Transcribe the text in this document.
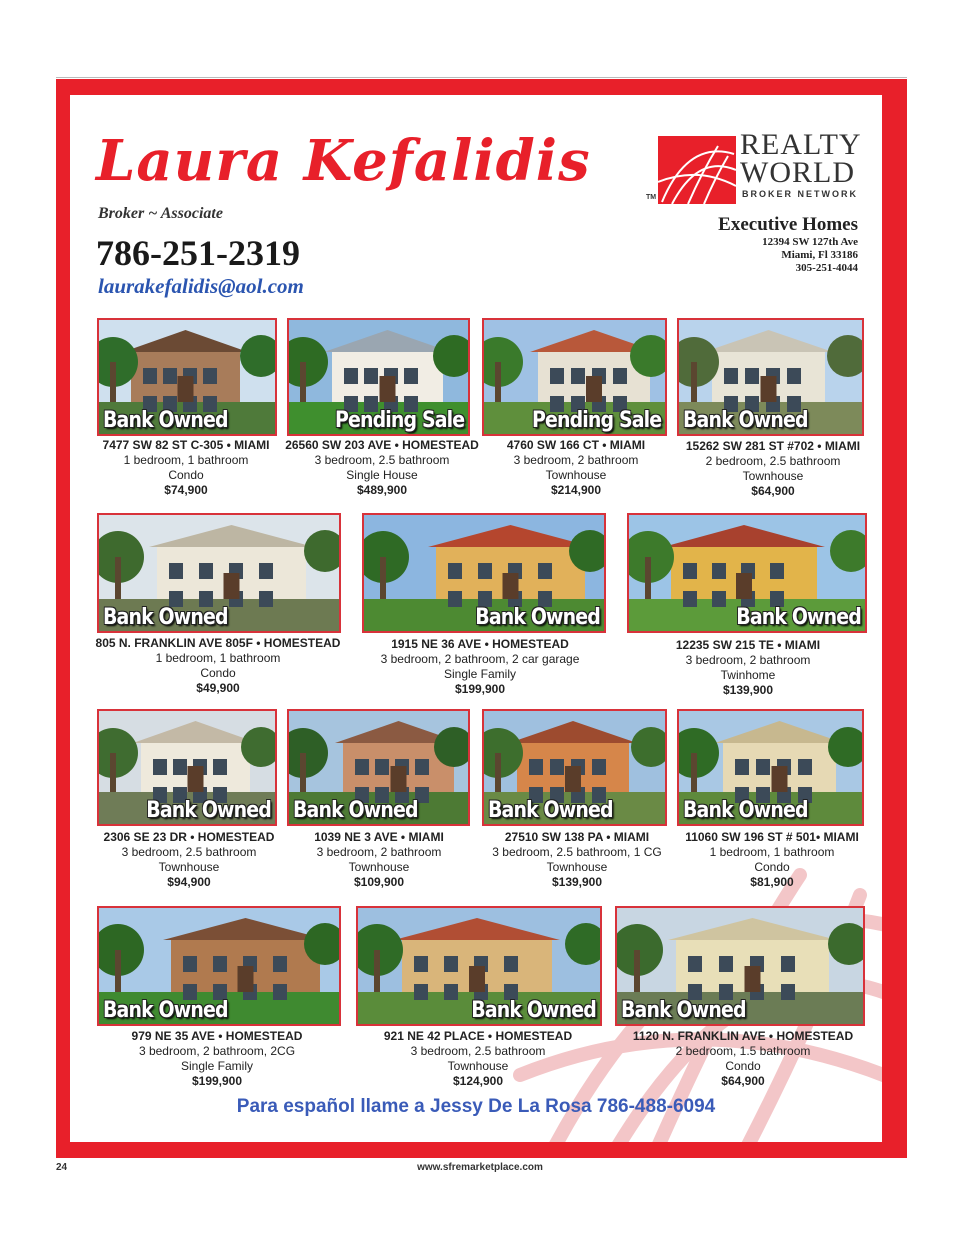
Laura Kefalidis
Broker ~ Associate
786-251-2319
laurakefalidis@aol.com
TM
REALTY
WORLD
BROKER NETWORK
Executive Homes
12394 SW 127th Ave
Miami, Fl 33186
305-251-4044
Bank Owned
7477 SW 82 ST C-305 • MIAMI
1 bedroom, 1 bathroom
Condo
$74,900
Pending Sale
26560 SW 203 AVE • HOMESTEAD
3 bedroom, 2.5 bathroom
Single House
$489,900
Pending Sale
4760 SW 166 CT • MIAMI
3 bedroom, 2 bathroom
Townhouse
$214,900
Bank Owned
15262 SW 281 ST #702 • MIAMI
2 bedroom, 2.5 bathroom
Townhouse
$64,900
Bank Owned
805 N. FRANKLIN AVE 805F • HOMESTEAD
1 bedroom, 1 bathroom
Condo
$49,900
Bank Owned
1915 NE 36 AVE • HOMESTEAD
3 bedroom, 2 bathroom, 2 car garage
Single Family
$199,900
Bank Owned
12235 SW 215 TE • MIAMI
3 bedroom, 2 bathroom
Twinhome
$139,900
Bank Owned
2306 SE 23 DR • HOMESTEAD
3 bedroom, 2.5 bathroom
Townhouse
$94,900
Bank Owned
1039 NE 3 AVE • MIAMI
3 bedroom, 2 bathroom
Townhouse
$109,900
Bank Owned
27510 SW 138 PA • MIAMI
3 bedroom, 2.5 bathroom, 1 CG
Townhouse
$139,900
Bank Owned
11060 SW 196 ST # 501• MIAMI
1 bedroom, 1 bathroom
Condo
$81,900
Bank Owned
979 NE 35 AVE • HOMESTEAD
3 bedroom, 2 bathroom, 2CG
Single Family
$199,900
Bank Owned
921 NE 42 PLACE • HOMESTEAD
3 bedroom, 2.5 bathroom
Townhouse
$124,900
Bank Owned
1120 N. FRANKLIN AVE • HOMESTEAD
2 bedroom, 1.5 bathroom
Condo
$64,900
Para español llame a Jessy De La Rosa 786-488-6094
24	www.sfremarketplace.com
